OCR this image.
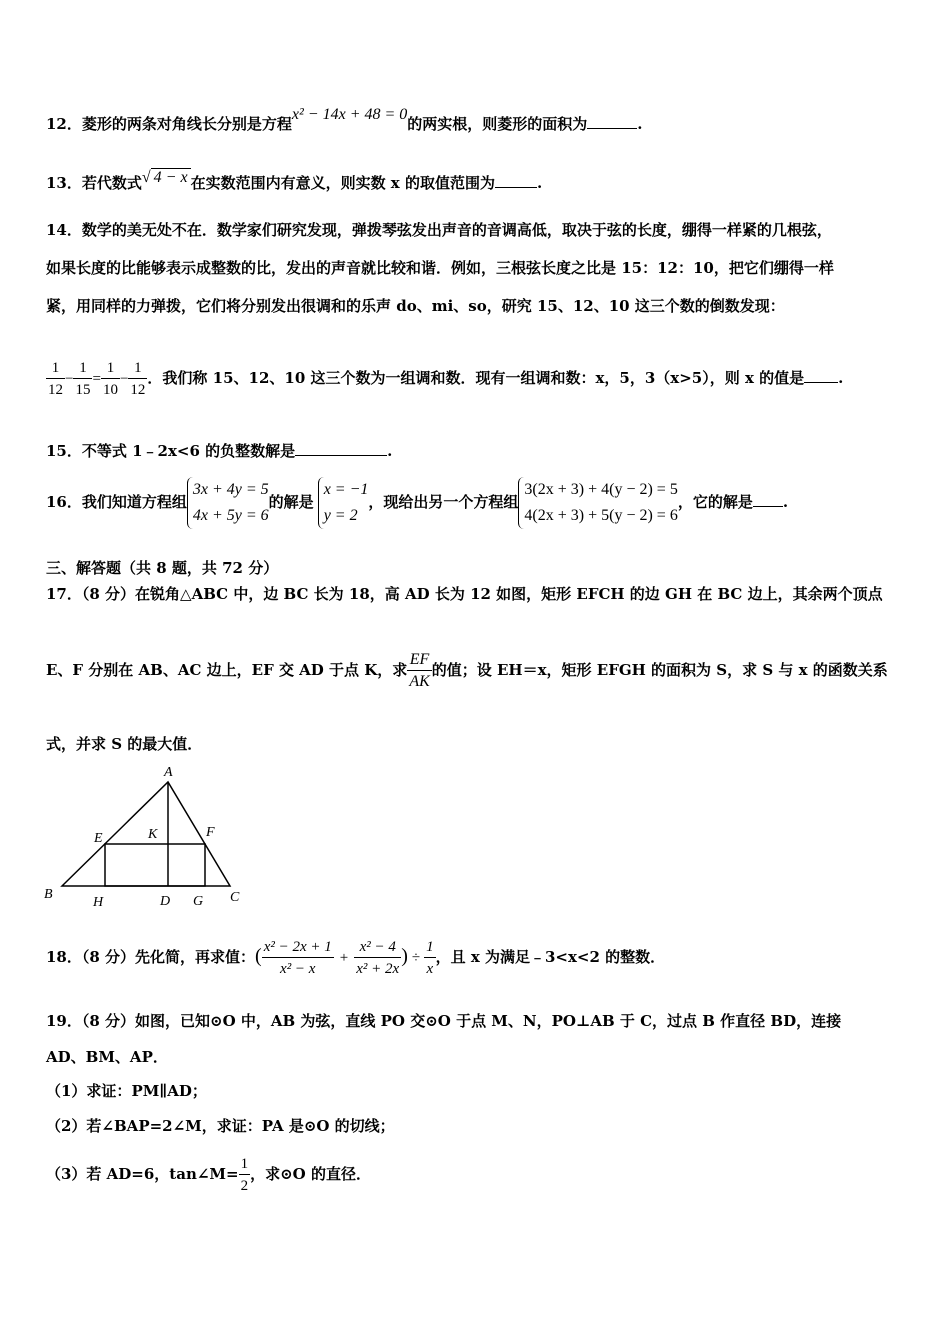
12．菱形的两条对角线长分别是方程x² − 14x + 48 = 0的两实根，则菱形的面积为	.
13．若代数式√ 4 − x 在实数范围内有意义，则实数 x 的取值范围为	.
14．数学的美无处不在．数学家们研究发现，弹拨琴弦发出声音的音调高低，取决于弦的长度，绷得一样紧的几根弦，
如果长度的比能够表示成整数的比，发出的声音就比较和谐．例如，三根弦长度之比是 15：12：10，把它们绷得一样
紧，用同样的力弹拨，它们将分别发出很调和的乐声 do、mi、so，研究 15、12、10 这三个数的倒数发现：
$\frac{1}{12} - \frac{1}{15} = \frac{1}{10} - \frac{1}{12}$ ．我们称 15、12、10 这三个数为一组调和数．现有一组调和数：x，5，3（x>5），则 x 的值是 .
15．不等式 1﹣2x<6 的负整数解是	.
16．我们知道方程组
3x + 4y = 5
4x + 5y = 6
的解是
x = −1
y = 2
，现给出另一个方程组
3(2x + 3) + 4(y − 2) = 5
4(2x + 3) + 5(y − 2) = 6
，它的解是 .
三、解答题（共 8 题，共 72 分）
17．（8 分）在锐角△ABC 中，边 BC 长为 18，高 AD 长为 12 如图，矩形 EFCH 的边 GH 在 BC 边上，其余两个顶点
E、F 分别在 AB、AC 边上，EF 交 AD 于点 K，求 $\frac{EF}{AK}$ 的值；设 EH＝x，矩形 EFGH 的面积为 S，求 S 与 x 的函数关系
式，并求 S 的最大值．
A
B	C
D
E	F
G
H
K
18．（8 分）先化简，再求值：( $\frac{\text{x² − 2x + 1}}{\text{x² − x}} + \frac{\text{x² − 4}}{\text{x² + 2x}}$ ) ÷ $\frac{1}{x}$ ，且 x 为满足﹣3<x<2 的整数．
19．（8 分）如图，已知⊙O 中，AB 为弦，直线 PO 交⊙O 于点 M、N，PO⊥AB 于 C，过点 B 作直径 BD，连接
AD、BM、AP．
（1）求证：PM∥AD；
（2）若∠BAP=2∠M，求证：PA 是⊙O 的切线；
（3）若 AD=6，tan∠M= $\frac{1}{2}$ ，求⊙O 的直径．
